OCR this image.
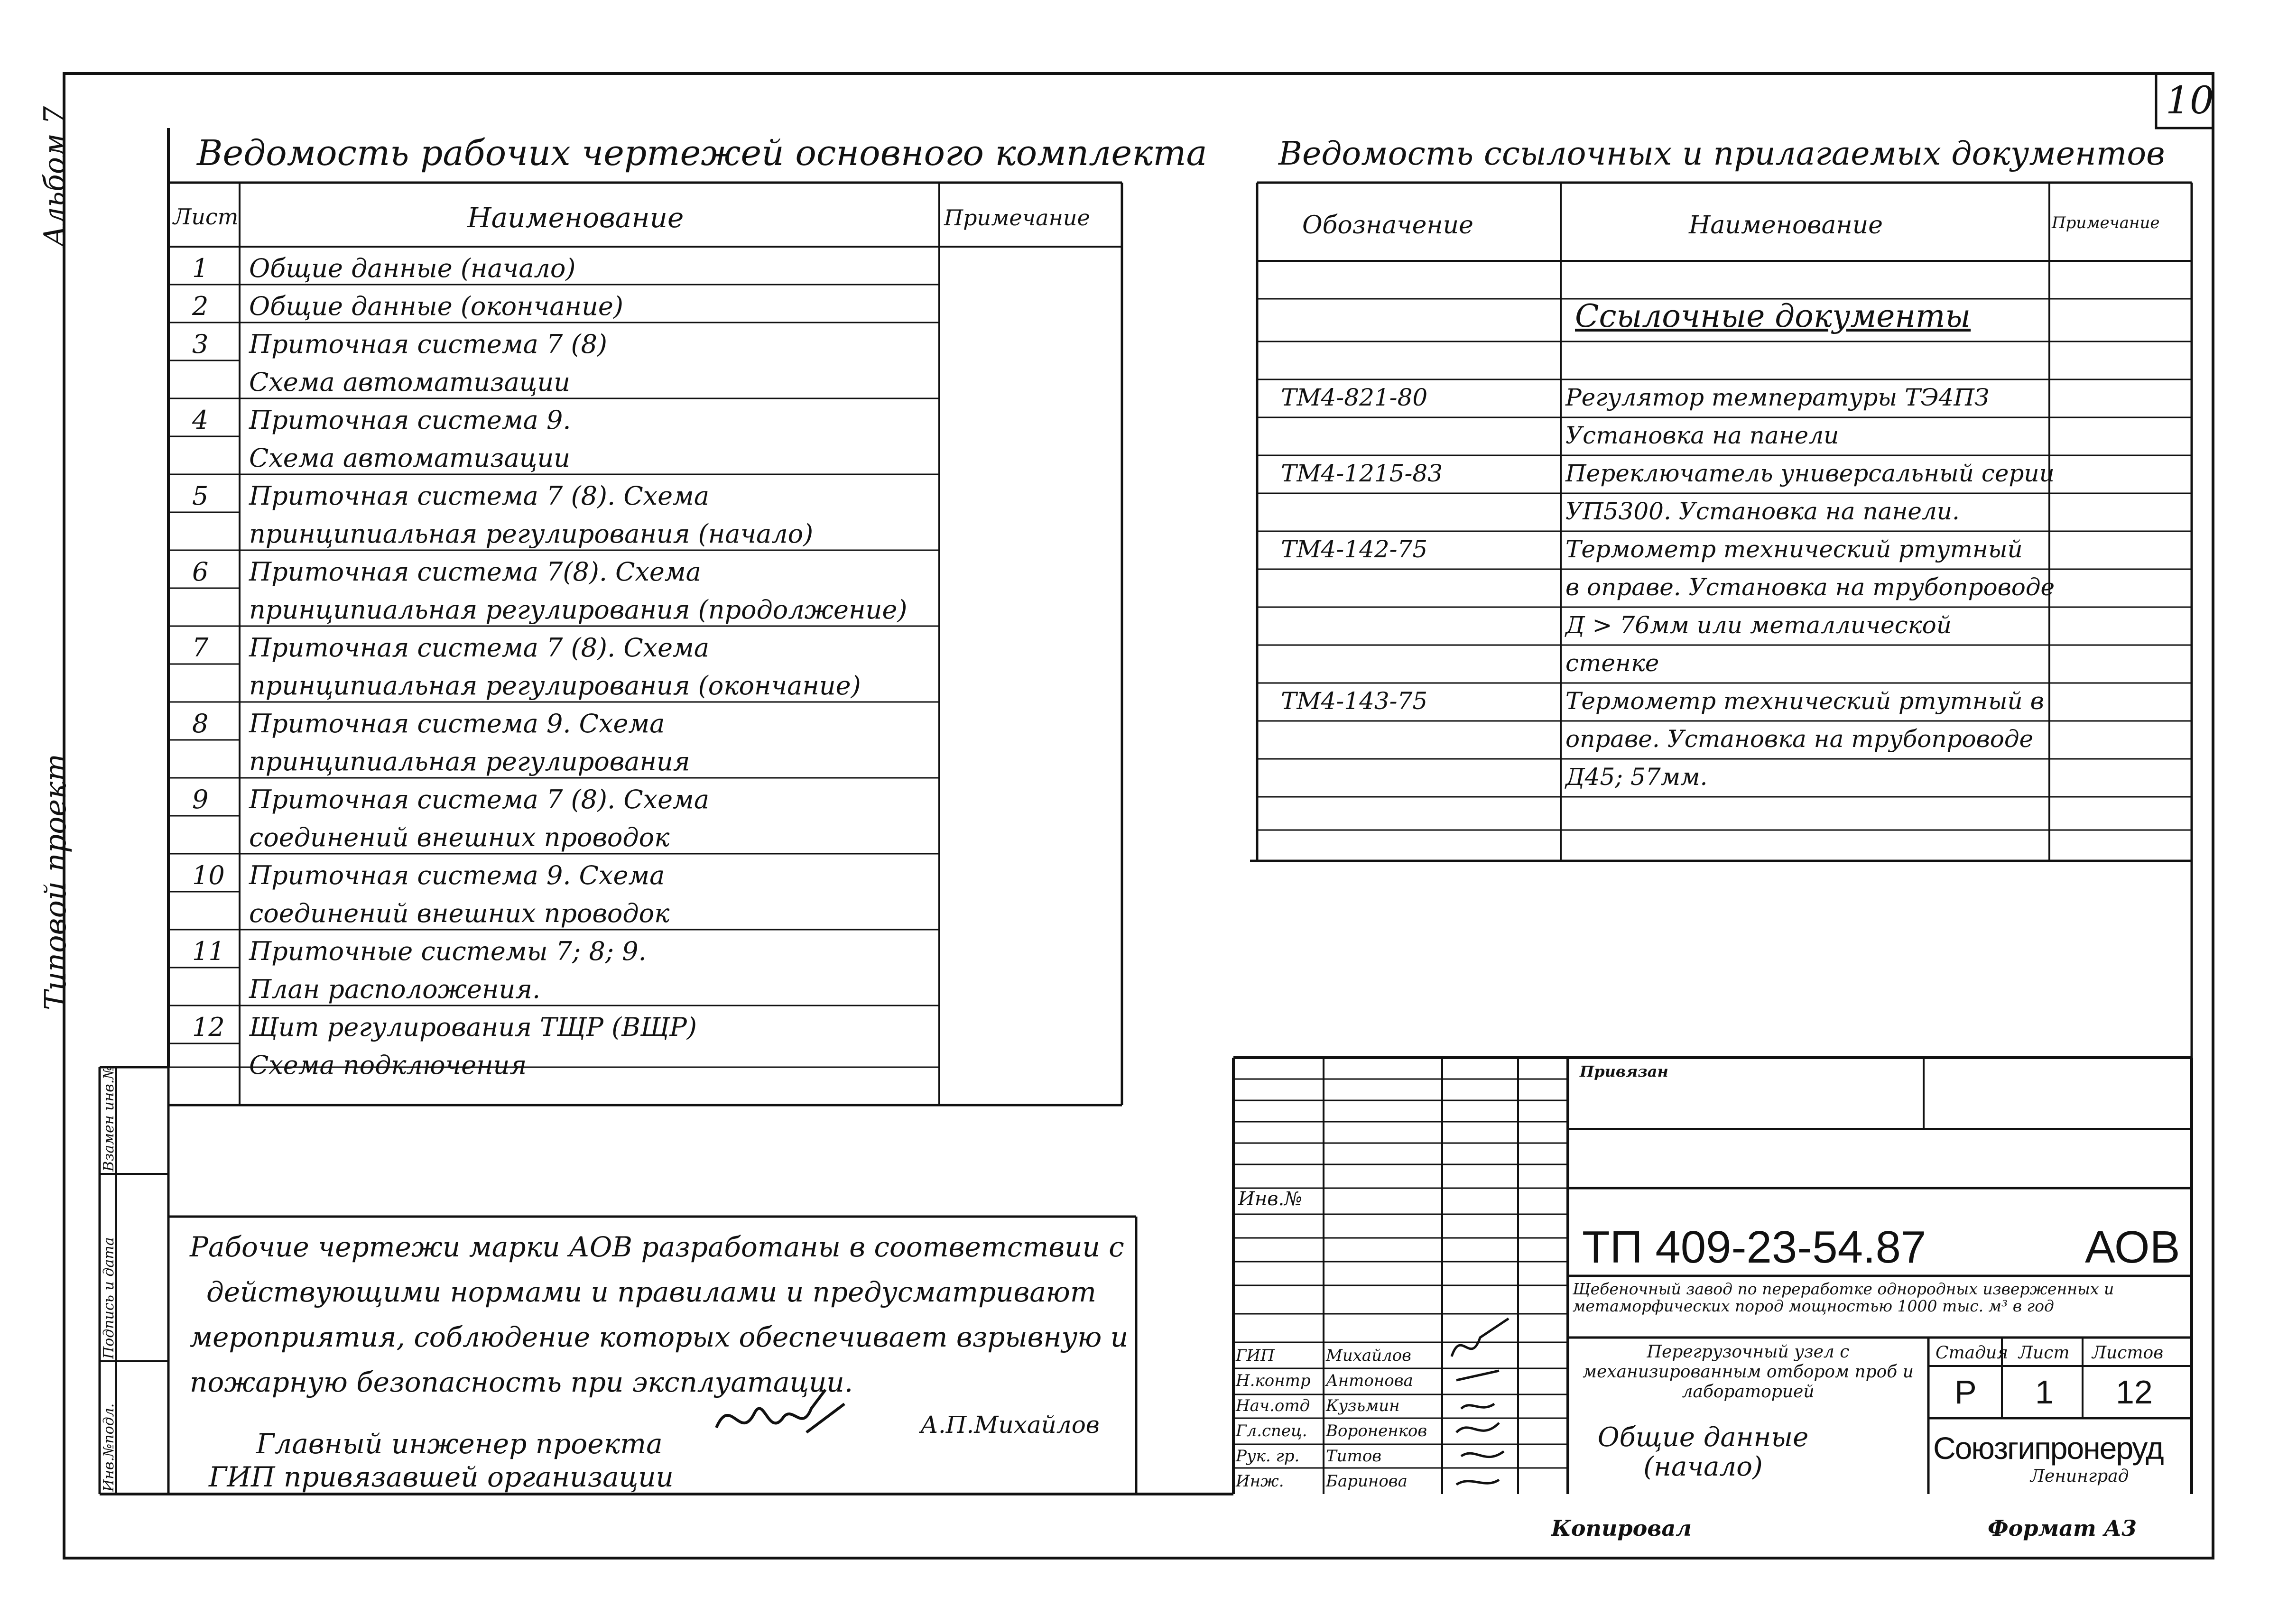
10
Альбом 7
Типовой проект
Инв.№подл.
Подпись и дата
Взамен инв.№
Ведомость рабочих чертежей основного комплекта
Лист	Наименование	Примечание
1 Общие данные (начало)
2 Общие данные (окончание)
3 Приточная система 7 (8)
Схема автоматизации
4 Приточная система 9.
Схема автоматизации
5 Приточная система 7 (8). Схема
принципиальная регулирования (начало)
6 Приточная система 7(8). Схема
принципиальная регулирования (продолжение)
7 Приточная система 7 (8). Схема
принципиальная регулирования (окончание)
8 Приточная система 9. Схема
принципиальная регулирования
9 Приточная система 7 (8). Схема
соединений внешних проводок
10 Приточная система 9. Схема
соединений внешних проводок
11 Приточные системы 7; 8; 9.
План расположения.
12 Щит регулирования ТЩР (ВЩР)
Схема подключения
Ведомость ссылочных и прилагаемых документов
Обозначение	Наименование	Примечание
Ссылочные документы
ТМ4-821-80	Регулятор температуры ТЭ4ПЗ
Установка на панели
ТМ4-1215-83	Переключатель универсальный серии
УП5300. Установка на панели.
ТМ4-142-75	Термометр технический ртутный
в оправе. Установка на трубопроводе
Д > 76мм или металлической
стенке
ТМ4-143-75	Термометр технический ртутный в
оправе. Установка на трубопроводе
Д45; 57мм.
Рабочие чертежи марки АОВ разработаны в соответствии с
действующими нормами и правилами и предусматривают
мероприятия, соблюдение которых обеспечивает взрывную и
пожарную безопасность при эксплуатации.
Главный инженер проекта
ГИП привязавшей организации
А.П.Михайлов
Привязан
Инв.№
ТП 409-23-54.87	АОВ
Щебеночный завод по переработке однородных изверженных и метаморфических пород мощностью 1000 тыс. м³ в год
Перегрузочный узел с механизированным отбором проб и лабораторией
Общие данные (начало)
Стадия Лист Листов
Р 1 12
Союзгипронеруд
Ленинград
ГИП	Михайлов
Н.контр Антонова
Нач.отд Кузьмин
Гл.спец. Вороненков
Рук. гр. Титов
Инж.	Баринова
Копировал	Формат А3
